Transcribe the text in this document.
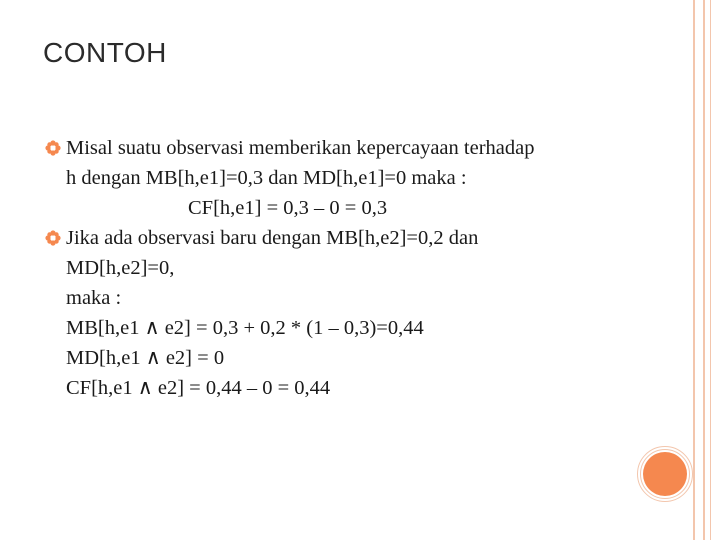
CONTOH
Misal suatu observasi memberikan kepercayaan terhadap
h dengan MB[h,e1]=0,3 dan MD[h,e1]=0 maka :
CF[h,e1] = 0,3 – 0 = 0,3
Jika ada observasi baru dengan MB[h,e2]=0,2 dan
MD[h,e2]=0,
maka :
MB[h,e1 ∧ e2] = 0,3 + 0,2 * (1 – 0,3)=0,44
MD[h,e1 ∧ e2] = 0
CF[h,e1 ∧ e2] = 0,44 – 0 = 0,44
